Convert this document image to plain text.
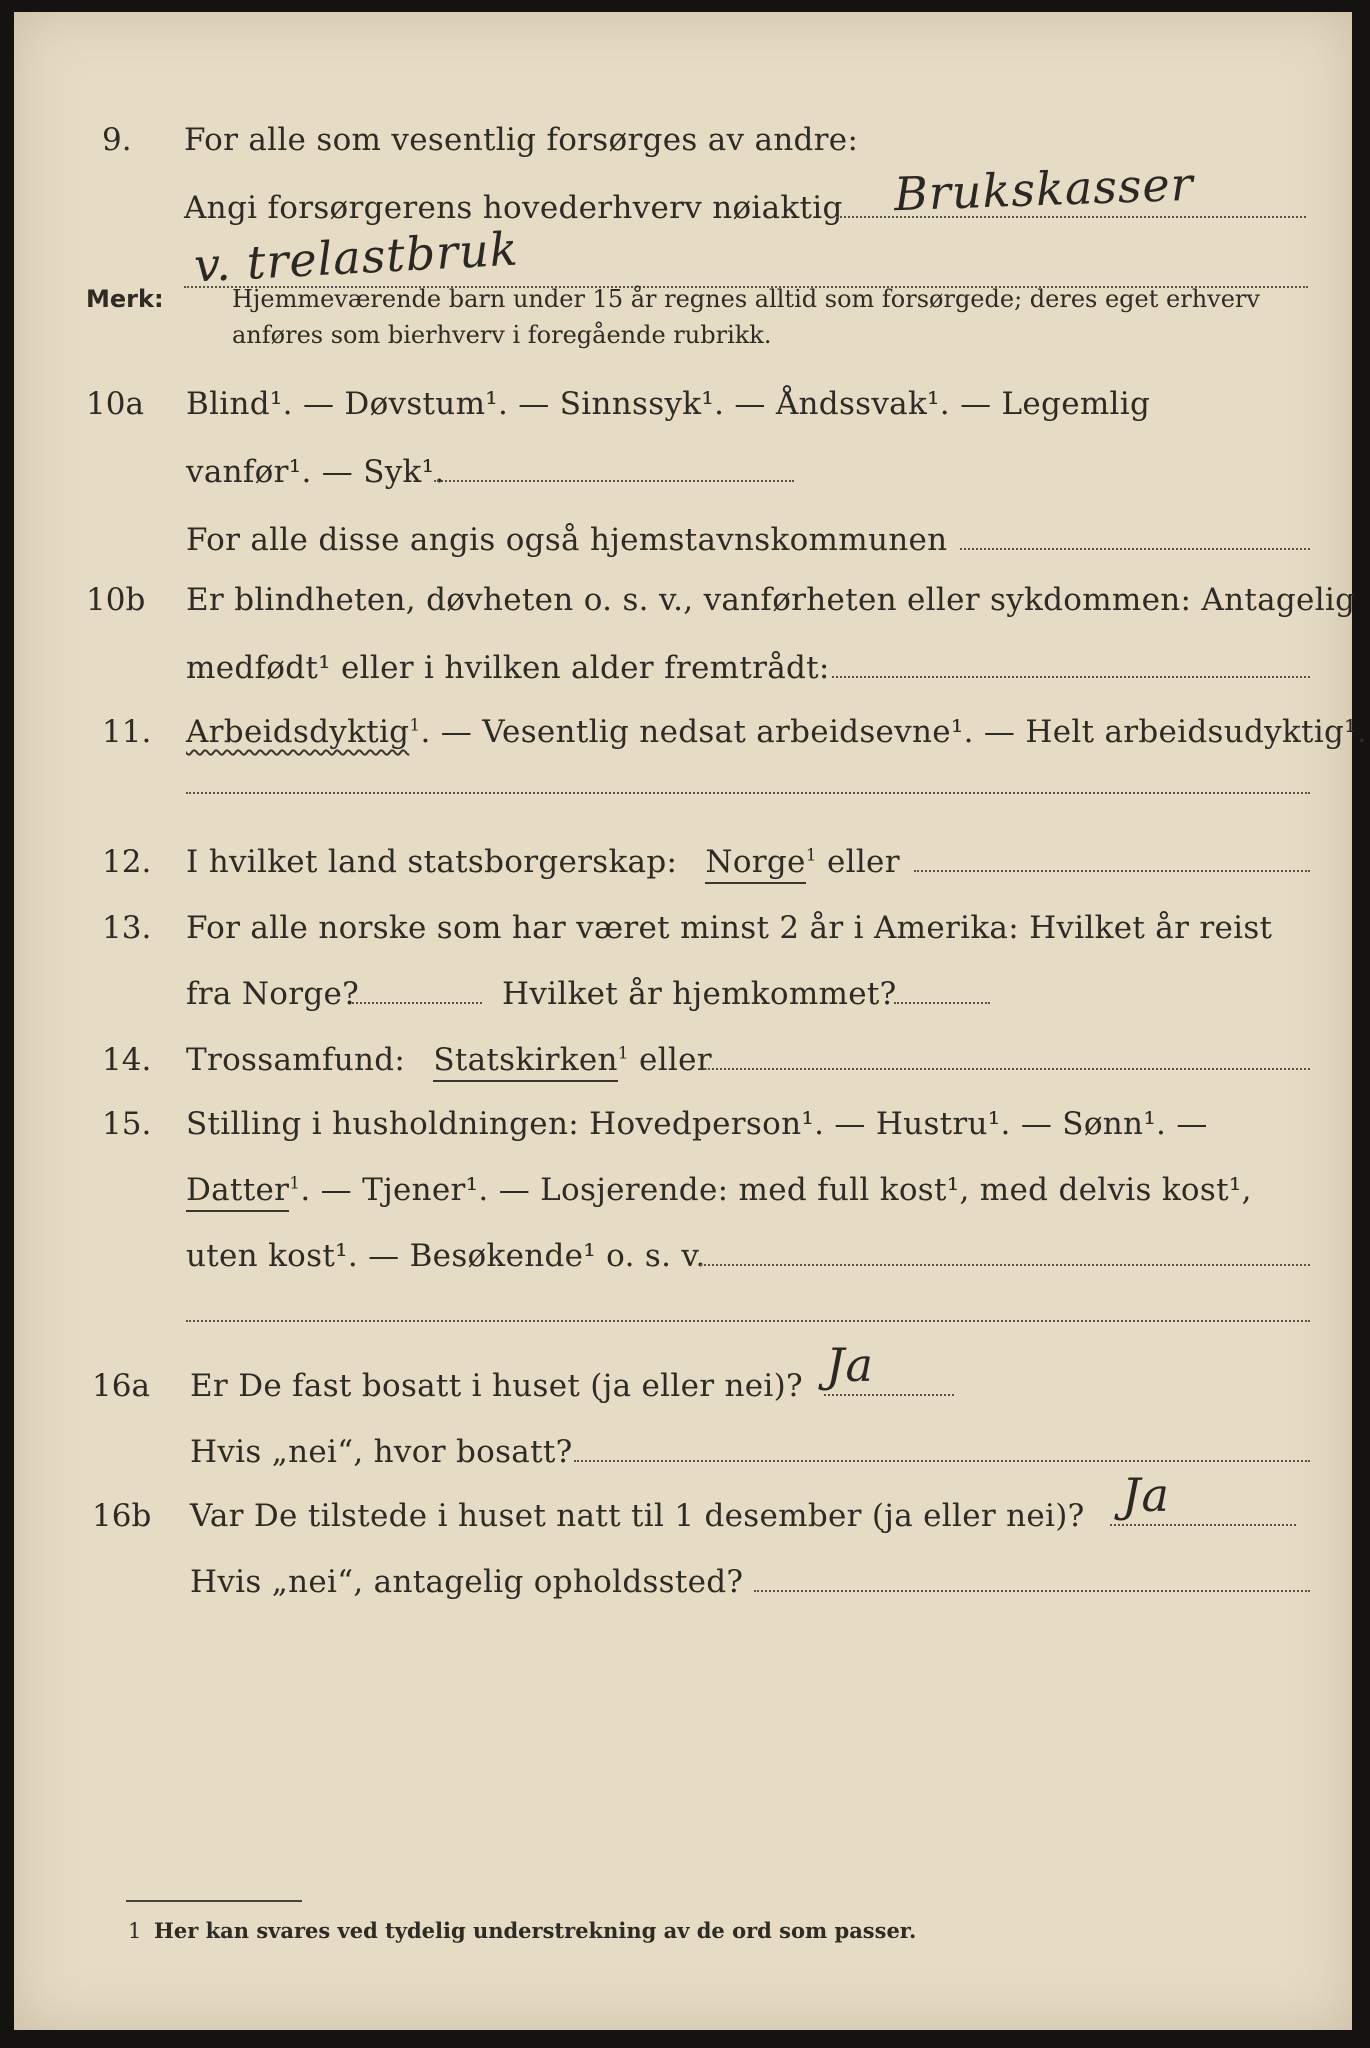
9. For alle som vesentlig forsørges av andre:
Angi forsørgerens hovederhverv nøiaktig Brukskasser
v. trelastbruk
Merk:	Hjemmeværende barn under 15 år regnes alltid som forsørgede; deres eget erhverv
anføres som bierhverv i foregående rubrikk.
10a Blind¹. — Døvstum¹. — Sinnssyk¹. — Åndssvak¹. — Legemlig
vanfør¹. — Syk¹.
For alle disse angis også hjemstavnskommunen
10b Er blindheten, døvheten o. s. v., vanførheten eller sykdommen: Antagelig
medfødt¹ eller i hvilken alder fremtrådt:
11. Arbeidsdyktig$^1$. — Vesentlig nedsat arbeidsevne¹. — Helt arbeidsudyktig¹.
12. I hvilket land statsborgerskap: Norge$^1$ eller
13. For alle norske som har været minst 2 år i Amerika: Hvilket år reist
fra Norge?	Hvilket år hjemkommet?
14. Trossamfund: Statskirken$^1$ eller
15. Stilling i husholdningen: Hovedperson¹. — Hustru¹. — Sønn¹. —
Datter$^1$. — Tjener¹. — Losjerende: med full kost¹, med delvis kost¹,
uten kost¹. — Besøkende¹ o. s. v.
16a Er De fast bosatt i huset (ja eller nei)? Ja
Hvis „nei“, hvor bosatt?
16b Var De tilstede i huset natt til 1 desember (ja eller nei)? Ja
Hvis „nei“, antagelig opholdssted?
1 Her kan svares ved tydelig understrekning av de ord som passer.
